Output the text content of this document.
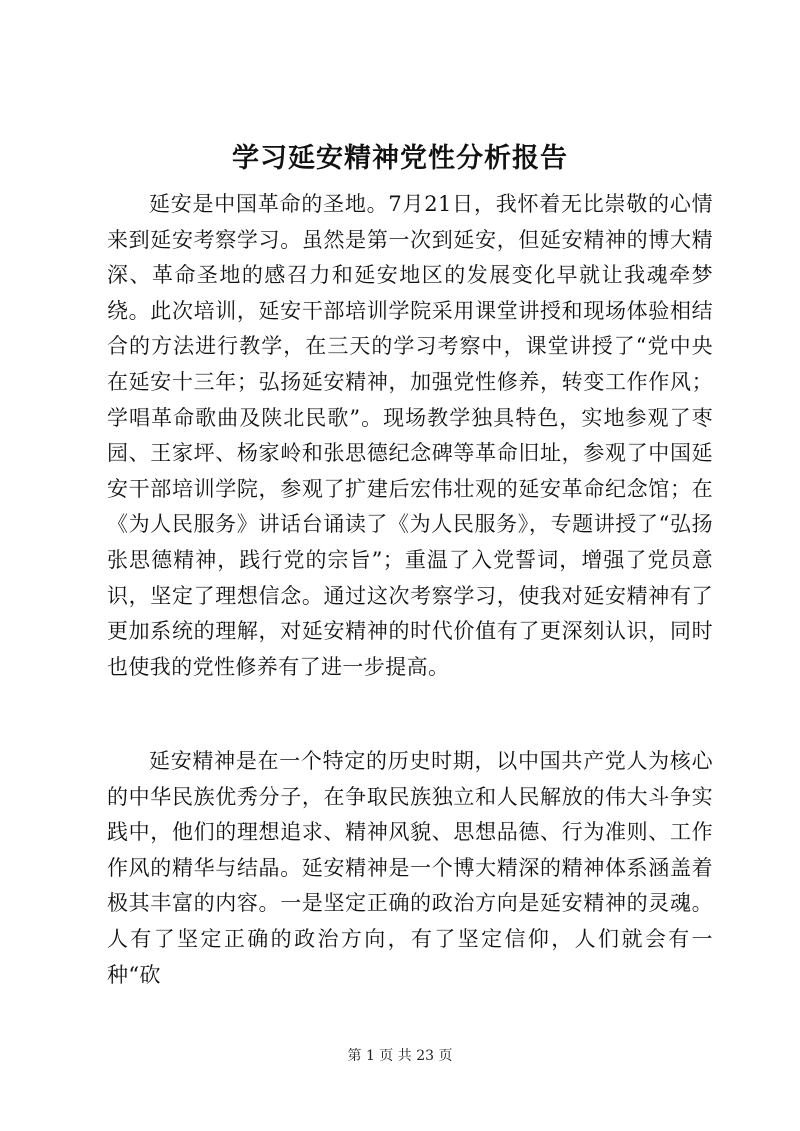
学习延安精神党性分析报告

延安是中国革命的圣地。7月21日，我怀着无比崇敬的心情来到延安考察学习。虽然是第一次到延安，但延安精神的博大精深、革命圣地的感召力和延安地区的发展变化早就让我魂牵梦绕。此次培训，延安干部培训学院采用课堂讲授和现场体验相结合的方法进行教学，在三天的学习考察中，课堂讲授了“党中央在延安十三年；弘扬延安精神，加强党性修养，转变工作作风；学唱革命歌曲及陕北民歌”。现场教学独具特色，实地参观了枣园、王家坪、杨家岭和张思德纪念碑等革命旧址，参观了中国延安干部培训学院，参观了扩建后宏伟壮观的延安革命纪念馆；在《为人民服务》讲话台诵读了《为人民服务》，专题讲授了“弘扬张思德精神，践行党的宗旨”；重温了入党誓词，增强了党员意识，坚定了理想信念。通过这次考察学习，使我对延安精神有了更加系统的理解，对延安精神的时代价值有了更深刻认识，同时也使我的党性修养有了进一步提高。

延安精神是在一个特定的历史时期，以中国共产党人为核心的中华民族优秀分子，在争取民族独立和人民解放的伟大斗争实践中，他们的理想追求、精神风貌、思想品德、行为准则、工作作风的精华与结晶。延安精神是一个博大精深的精神体系涵盖着极其丰富的内容。一是坚定正确的政治方向是延安精神的灵魂。人有了坚定正确的政治方向，有了坚定信仰，人们就会有一种“砍

第 1 页 共 23 页
